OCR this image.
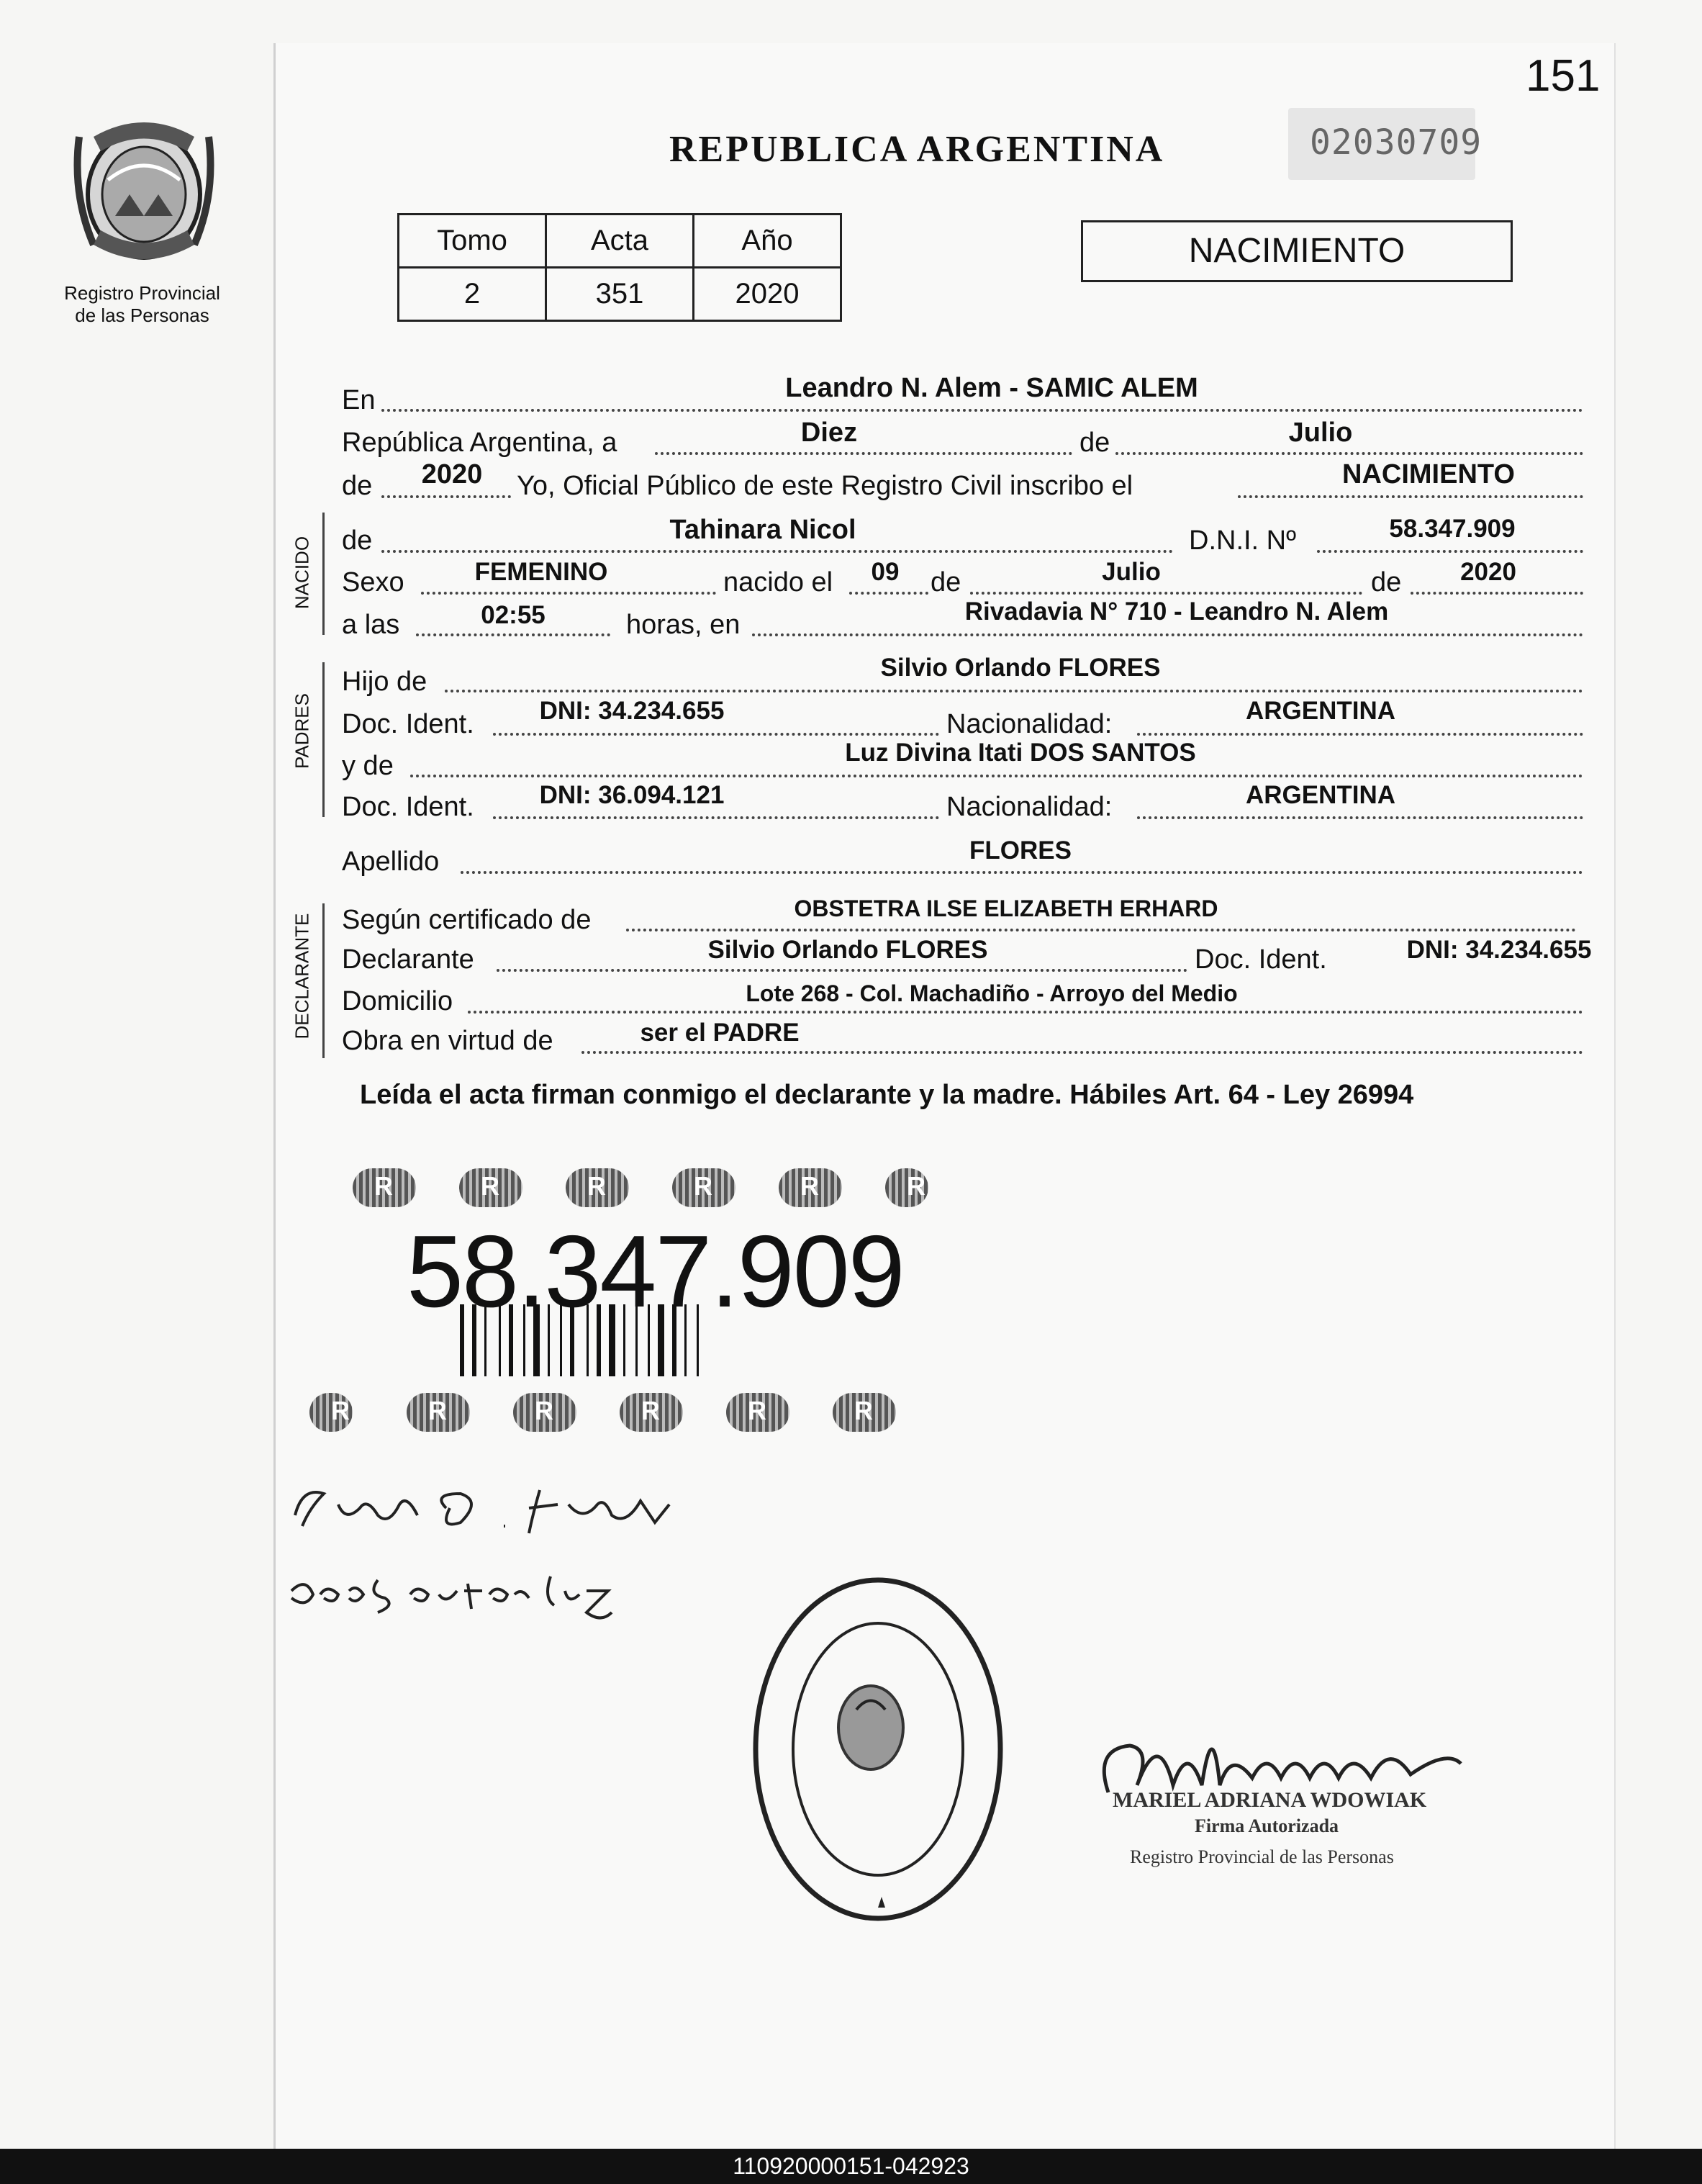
151
02030709
Registro Provincial
de las Personas
REPUBLICA ARGENTINA
Tomo	Acta	Año
2	351	2020
NACIMIENTO
En	Leandro N. Alem - SAMIC ALEM
República Argentina, a	Diez	de	Julio
de 2020 Yo, Oficial Público de este Registro Civil inscribo el	NACIMIENTO
NACIDO de	Tahinara Nicol	D.N.I. Nº	58.347.909
Sexo	FEMENINO	nacido el 09 de	Julio	de 2020
a las	02:55	horas, en	Rivadavia N° 710 - Leandro N. Alem
PADRES
Hijo de	Silvio Orlando FLORES
Doc. Ident.	DNI: 34.234.655	Nacionalidad:	ARGENTINA
y de	Luz Divina Itati DOS SANTOS
Doc. Ident.	DNI: 36.094.121	Nacionalidad:	ARGENTINA
Apellido	FLORES
DECLARANTE Según certificado de	OBSTETRA ILSE ELIZABETH ERHARD
Declarante	Silvio Orlando FLORES	Doc. Ident.	DNI: 34.234.655
Domicilio	Lote 268 - Col. Machadiño - Arroyo del Medio
Obra en virtud de	ser el PADRE
Leída el acta firman conmigo el declarante y la madre. Hábiles Art. 64 - Ley 26994
R	R	R	R	R	R
R	R	R	R	R	R
58.347.909
MARIEL ADRIANA WDOWIAK
Firma Autorizada
Registro Provincial de las Personas
110920000151-042923
